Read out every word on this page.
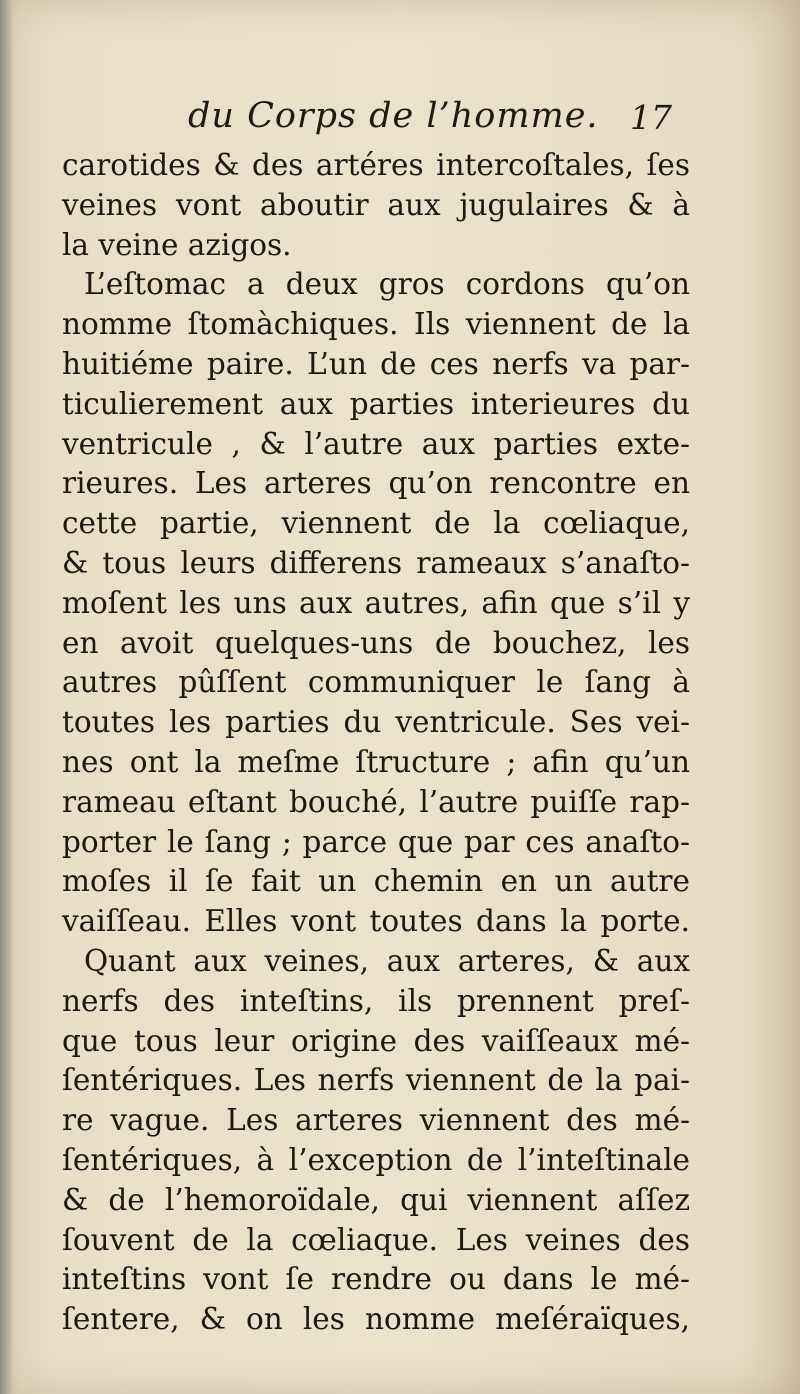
du Corps de l’homme. 17
carotides & des artéres intercoſtales, ſes
veines vont aboutir aux jugulaires & à
la veine azigos.
L’eſtomac a deux gros cordons qu’on
nomme ſtomàchiques. Ils viennent de la
huitiéme paire. L’un de ces nerfs va par-
ticulierement aux parties interieures du
ventricule , & l’autre aux parties exte-
rieures. Les arteres qu’on rencontre en
cette partie, viennent de la cœliaque,
& tous leurs differens rameaux s’anaſto-
moſent les uns aux autres, afin que s’il y
en avoit quelques-uns de bouchez, les
autres pûſſent communiquer le ſang à
toutes les parties du ventricule. Ses vei-
nes ont la meſme ſtructure ; afin qu’un
rameau eſtant bouché, l’autre puiſſe rap-
porter le ſang ; parce que par ces anaſto-
moſes il ſe fait un chemin en un autre
vaiſſeau. Elles vont toutes dans la porte.
Quant aux veines, aux arteres, & aux
nerfs des inteſtins, ils prennent preſ-
que tous leur origine des vaiſſeaux mé-
ſentériques. Les nerfs viennent de la pai-
re vague. Les arteres viennent des mé-
ſentériques, à l’exception de l’inteſtinale
& de l’hemoroïdale, qui viennent aſſez
ſouvent de la cœliaque. Les veines des
inteſtins vont ſe rendre ou dans le mé-
ſentere, & on les nomme meſéraïques,
